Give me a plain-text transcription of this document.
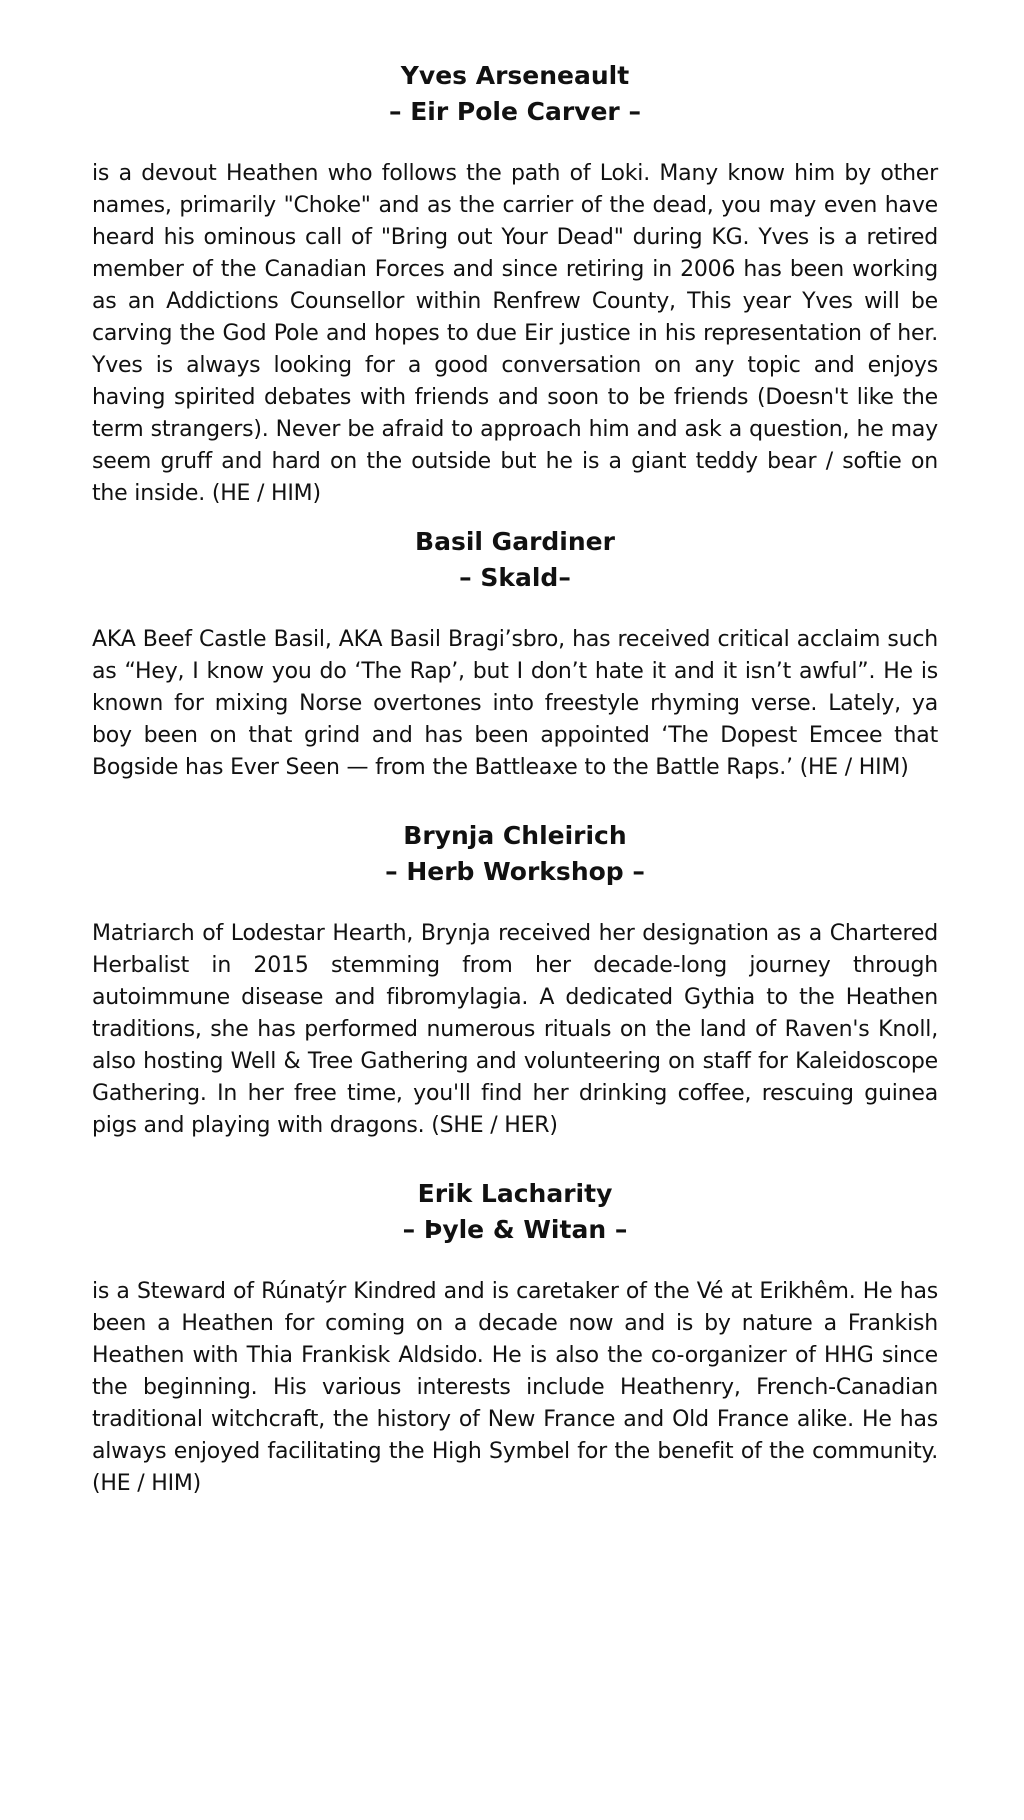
Yves Arseneault
– Eir Pole Carver –

is a devout Heathen who follows the path of Loki. Many know him by other names, primarily "Choke" and as the carrier of the dead, you may even have heard his ominous call of "Bring out Your Dead" during KG. Yves is a retired member of the Canadian Forces and since retiring in 2006 has been working as an Addictions Counsellor within Renfrew County, This year Yves will be carving the God Pole and hopes to due Eir justice in his representation of her. Yves is always looking for a good conversation on any topic and enjoys having spirited debates with friends and soon to be friends (Doesn't like the term strangers). Never be afraid to approach him and ask a question, he may seem gruff and hard on the outside but he is a giant teddy bear / softie on the inside. (HE / HIM)

Basil Gardiner
– Skald–

AKA Beef Castle Basil, AKA Basil Bragi’sbro, has received critical acclaim such as “Hey, I know you do ‘The Rap’, but I don’t hate it and it isn’t awful”. He is known for mixing Norse overtones into freestyle rhyming verse. Lately, ya boy been on that grind and has been appointed ‘The Dopest Emcee that Bogside has Ever Seen — from the Battleaxe to the Battle Raps.’ (HE / HIM)

Brynja Chleirich
– Herb Workshop –

Matriarch of Lodestar Hearth, Brynja received her designation as a Chartered Herbalist in 2015 stemming from her decade-long journey through autoimmune disease and fibromylagia. A dedicated Gythia to the Heathen traditions, she has performed numerous rituals on the land of Raven's Knoll, also hosting Well & Tree Gathering and volunteering on staff for Kaleidoscope Gathering. In her free time, you'll find her drinking coffee, rescuing guinea pigs and playing with dragons. (SHE / HER)

Erik Lacharity
– Þyle & Witan –

is a Steward of Rúnatýr Kindred and is caretaker of the Vé at Erikhêm. He has been a Heathen for coming on a decade now and is by nature a Frankish Heathen with Thia Frankisk Aldsido. He is also the co-organizer of HHG since the beginning. His various interests include Heathenry, French-Canadian traditional witchcraft, the history of New France and Old France alike. He has always enjoyed facilitating the High Symbel for the benefit of the community. (HE / HIM)
